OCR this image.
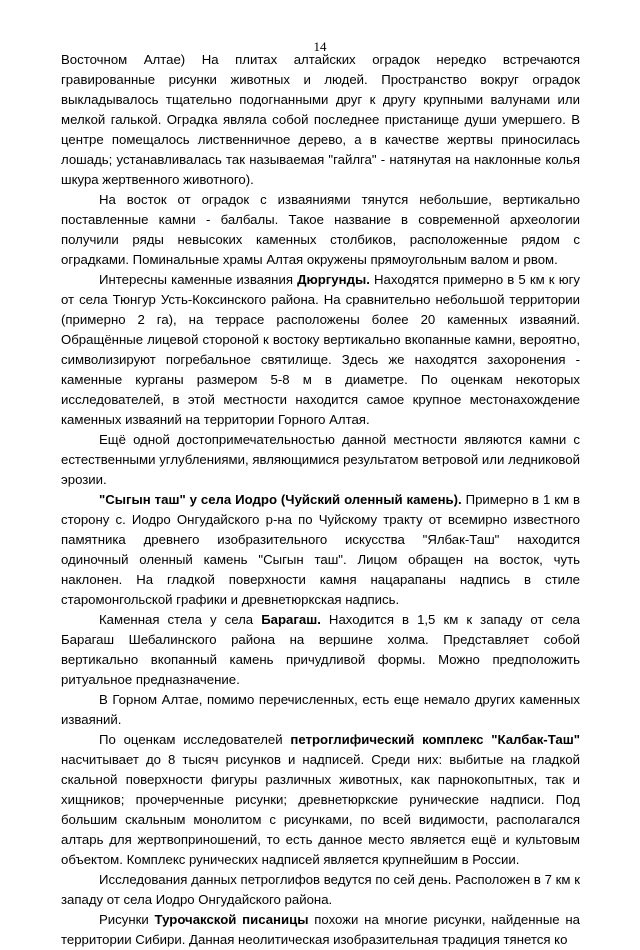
14

Восточном Алтае) На плитах алтайских оградок нередко встречаются гравированные рисунки животных и людей. Пространство вокруг оградок выкладывалось тщательно подогнанными друг к другу крупными валунами или мелкой галькой. Оградка являла собой последнее пристанище души умершего. В центре помещалось лиственничное дерево, а в качестве жертвы приносилась лошадь; устанавливалась так называемая "гайлга" - натянутая на наклонные колья шкура жертвенного животного).

На восток от оградок с изваяниями тянутся небольшие, вертикально поставленные камни - балбалы. Такое название в современной археологии получили ряды невысоких каменных столбиков, расположенные рядом с оградками. Поминальные храмы Алтая окружены прямоугольным валом и рвом.

Интересны каменные изваяния Дюргунды. Находятся примерно в 5 км к югу от села Тюнгур Усть-Коксинского района. На сравнительно небольшой территории (примерно 2 га), на террасе расположены более 20 каменных изваяний. Обращённые лицевой стороной к востоку вертикально вкопанные камни, вероятно, символизируют погребальное святилище. Здесь же находятся захоронения - каменные курганы размером 5-8 м в диаметре. По оценкам некоторых исследователей, в этой местности находится самое крупное местонахождение каменных изваяний на территории Горного Алтая.

Ещё одной достопримечательностью данной местности являются камни с естественными углублениями, являющимися результатом ветровой или ледниковой эрозии.

"Сыгын таш" у села Иодро (Чуйский оленный камень). Примерно в 1 км в сторону с. Иодро Онгудайского р-на по Чуйскому тракту от всемирно известного памятника древнего изобразительного искусства "Ялбак-Таш" находится одиночный оленный камень "Сыгын таш". Лицом обращен на восток, чуть наклонен. На гладкой поверхности камня нацарапаны надпись в стиле старомонгольской графики и древнетюркская надпись.

Каменная стела у села Барагаш. Находится в 1,5 км к западу от села Барагаш Шебалинского района на вершине холма. Представляет собой вертикально вкопанный камень причудливой формы. Можно предположить ритуальное предназначение.

В Горном Алтае, помимо перечисленных, есть еще немало других каменных изваяний.

По оценкам исследователей петроглифический комплекс "Калбак-Таш" насчитывает до 8 тысяч рисунков и надписей. Среди них: выбитые на гладкой скальной поверхности фигуры различных животных, как парнокопытных, так и хищников; прочерченные рисунки; древнетюркские рунические надписи. Под большим скальным монолитом с рисунками, по всей видимости, располагался алтарь для жертвоприношений, то есть данное место является ещё и культовым объектом. Комплекс рунических надписей является крупнейшим в России.

Исследования данных петроглифов ведутся по сей день. Расположен в 7 км к западу от села Иодро Онгудайского района.

Рисунки Турочакской писаницы похожи на многие рисунки, найденные на территории Сибири. Данная неолитическая изобразительная традиция тянется ко
